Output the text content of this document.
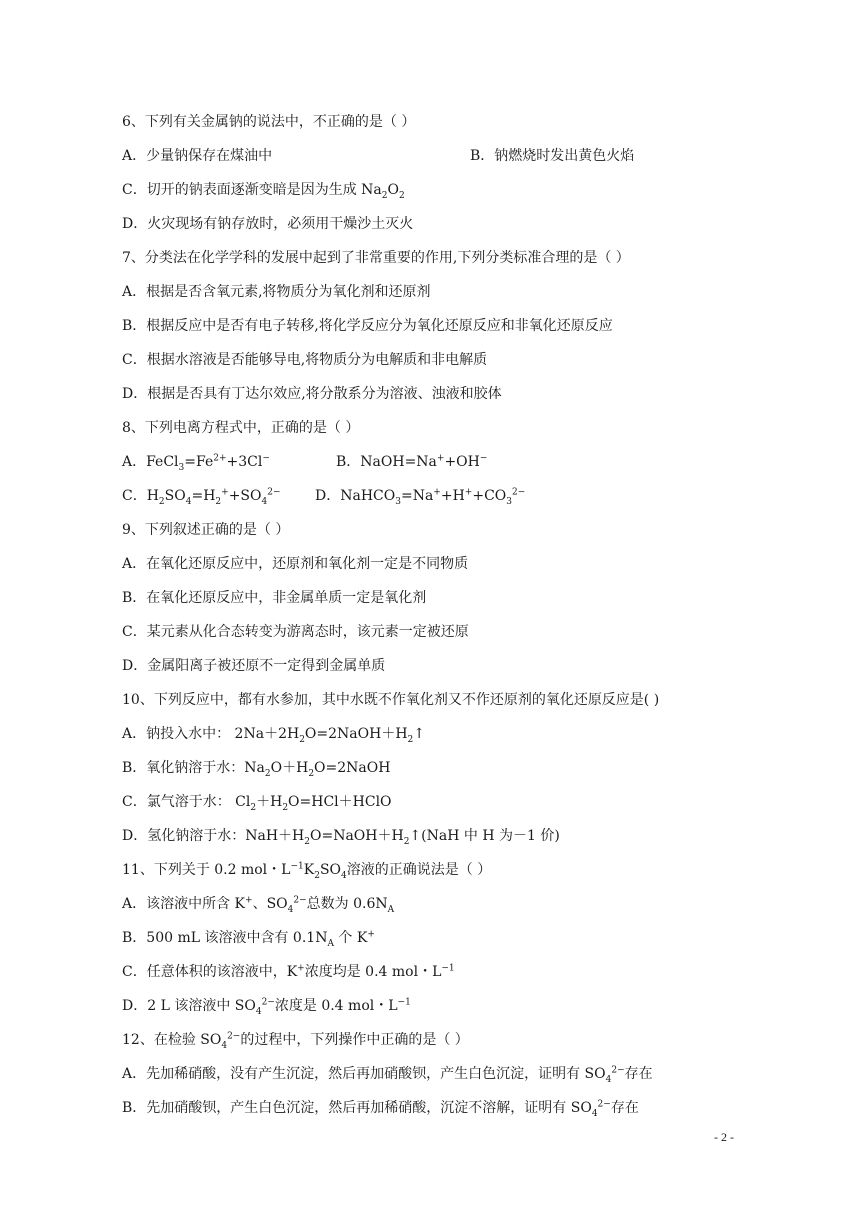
6、下列有关金属钠的说法中，不正确的是（ ）
A．少量钠保存在煤油中	B．钠燃烧时发出黄色火焰
C．切开的钠表面逐渐变暗是因为生成 $Na_2O_2$
D．火灾现场有钠存放时，必须用干燥沙土灭火
7、分类法在化学学科的发展中起到了非常重要的作用,下列分类标准合理的是（ ）
A．根据是否含氧元素,将物质分为氧化剂和还原剂
B．根据反应中是否有电子转移,将化学反应分为氧化还原反应和非氧化还原反应
C．根据水溶液是否能够导电,将物质分为电解质和非电解质
D．根据是否具有丁达尔效应,将分散系分为溶液、浊液和胶体
8、下列电离方程式中，正确的是（ ）
A．$FeCl_3=Fe^{2+}+3Cl^-$	B．NaOH=Na++OH−
C．$H_2SO_4=H_2^++SO_4^{2-}$ D．$NaHCO_3=Na^++H^++CO_3^{2-}$
9、下列叙述正确的是（ ）
A．在氧化还原反应中，还原剂和氧化剂一定是不同物质
B．在氧化还原反应中，非金属单质一定是氧化剂
C．某元素从化合态转变为游离态时，该元素一定被还原
D．金属阳离子被还原不一定得到金属单质
10、下列反应中，都有水参加，其中水既不作氧化剂又不作还原剂的氧化还原反应是( )
A．钠投入水中： $2Na+2H_2O=2NaOH+H_2↑$
B．氧化钠溶于水：$Na_2O+H_2O=2NaOH$
C．氯气溶于水： $Cl_2+H_2O=HCl+HClO$
D．氢化钠溶于水：$NaH+H_2O=NaOH+H_2↑(NaH$ 中 H 为－1 价)
11、下列关于 0.2 mol・$L^{-1}K_2SO_4$溶液的正确说法是（ ）
A．该溶液中所含 K+、$SO_4^{2-}$总数为 $0.6N_A$
B．500 mL 该溶液中含有 $0.1N_A$ 个 K+
C．任意体积的该溶液中，K+浓度均是 0.4 mol・$L^{-1}$
D．2 L 该溶液中 $SO_4^{2-}$浓度是 0.4 mol・$L^{-1}$
12、在检验 $SO_4^{2-}$的过程中，下列操作中正确的是（ ）
A．先加稀硝酸，没有产生沉淀，然后再加硝酸钡，产生白色沉淀，证明有 $SO_4^{2-}$存在
B．先加硝酸钡，产生白色沉淀，然后再加稀硝酸，沉淀不溶解，证明有 $SO_4^{2-}$存在
- 2 -
